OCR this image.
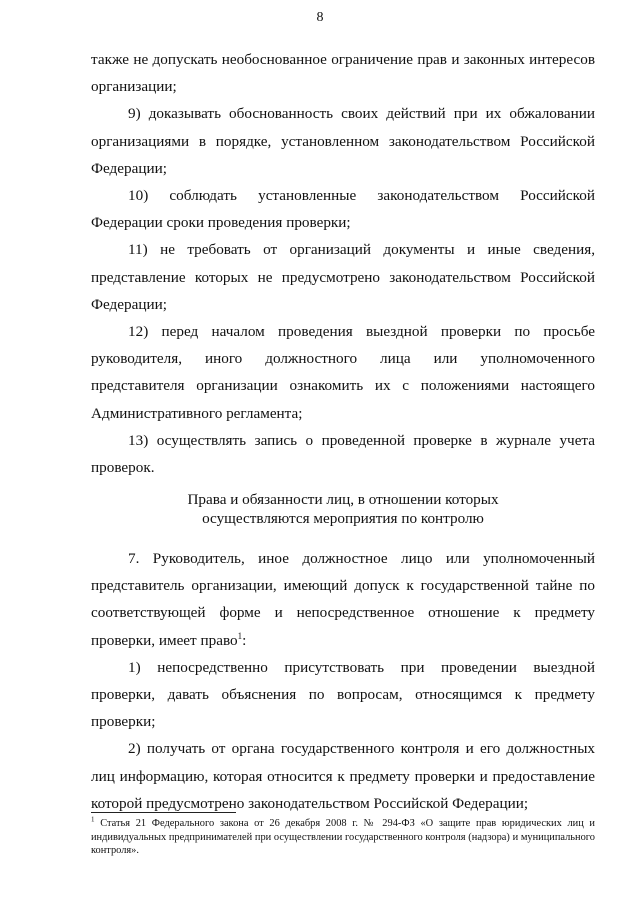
8

также не допускать необоснованное ограничение прав и законных интересов организации;

9) доказывать обоснованность своих действий при их обжаловании организациями в порядке, установленном законодательством Российской Федерации;

10) соблюдать установленные законодательством Российской Федерации сроки проведения проверки;

11) не требовать от организаций документы и иные сведения, представление которых не предусмотрено законодательством Российской Федерации;

12) перед началом проведения выездной проверки по просьбе руководителя, иного должностного лица или уполномоченного представителя организации ознакомить их с положениями настоящего Административного регламента;

13) осуществлять запись о проведенной проверке в журнале учета проверок.

Права и обязанности лиц, в отношении которых
осуществляются мероприятия по контролю

7. Руководитель, иное должностное лицо или уполномоченный представитель организации, имеющий допуск к государственной тайне по соответствующей форме и непосредственное отношение к предмету проверки, имеет право$^1$:

1) непосредственно присутствовать при проведении выездной проверки, давать объяснения по вопросам, относящимся к предмету проверки;

2) получать от органа государственного контроля и его должностных лиц информацию, которая относится к предмету проверки и предоставление которой предусмотрено законодательством Российской Федерации;

$^1$ Статья 21 Федерального закона от 26 декабря 2008 г. № 294-ФЗ «О защите прав юридических лиц и индивидуальных предпринимателей при осуществлении государственного контроля (надзора) и муниципального контроля».
